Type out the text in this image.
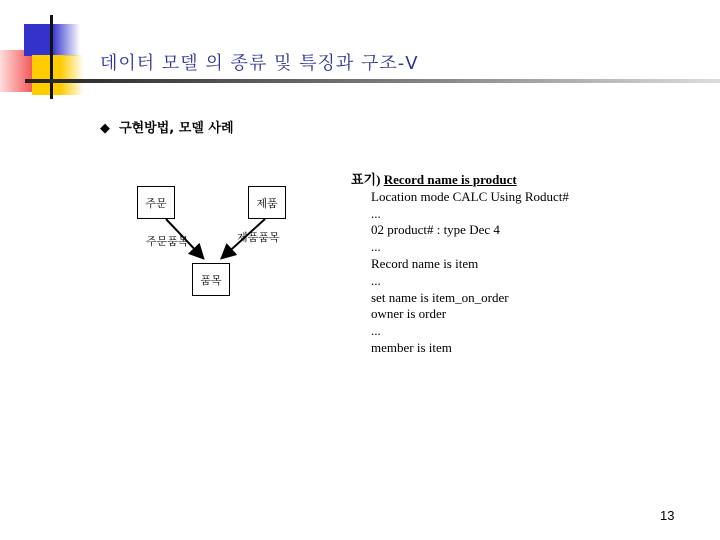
데이터 모델 의 종류 및 특징과 구조-V
◆ 구현방법, 모델 사례
주문	제품
품목
주문품목	제품품목
표기) Record name is product
Location mode CALC Using Roduct#
...
02 product# : type Dec 4
...
Record name is item
...
set name is item_on_order
owner is order
...
member is item
13
